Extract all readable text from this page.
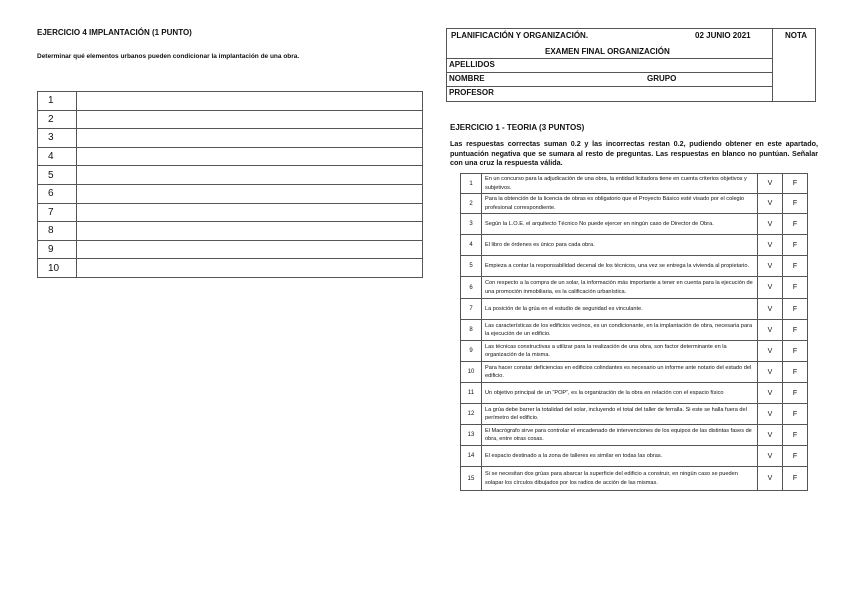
EJERCICIO 4 IMPLANTACIÓN (1 PUNTO)
Determinar qué elementos urbanos pueden condicionar la implantación de una obra.
1	
2	
3	
4	
5	
6	
7	
8	
9	
10	
PLANIFICACIÓN Y ORGANIZACIÓN.	02 JUNIO 2021	NOTA
EXAMEN FINAL ORGANIZACIÓN
APELLIDOS
NOMBRE	GRUPO
PROFESOR
EJERCICIO 1 - TEORIA (3 PUNTOS)
Las respuestas correctas suman 0.2 y las incorrectas restan 0.2, pudiendo obtener en este apartado, puntuación negativa que se sumara al resto de preguntas. Las respuestas en blanco no puntúan. Señalar con una cruz la respuesta válida.
1	En un concurso para la adjudicación de una obra, la entidad licitadora tiene en cuenta criterios objetivos y subjetivos.	V	F
2	Para la obtención de la licencia de obras es obligatorio que el Proyecto Básico esté visado por el colegio profesional correspondiente.	V	F
3	Según la L.O.E. el arquitecto Técnico No puede ejercer en ningún caso de Director de Obra.	V	F
4	El libro de órdenes es único para cada obra.	V	F
5	Empieza a contar la responsabilidad decenal de los técnicos, una vez se entrega la vivienda al propietario.	V	F
6	Con respecto a la compra de un solar, la información más importante a tener en cuenta para la ejecución de una promoción inmobiliaria, es la calificación urbanística.	V	F
7	La posición de la grúa en el estudio de seguridad es vinculante.	V	F
8	Las características de los edificios vecinos, es un condicionante, en la implantación de obra, necesaria para la ejecución de un edificio.	V	F
9	Las técnicas constructivas a utilizar para la realización de una obra, son factor determinante en la organización de la misma.	V	F
10	Para hacer constar deficiencias en edificios colindantes es necesario un informe ante notario del estado del edificio.	V	F
11	Un objetivo principal de un “POP”, es la organización de la obra en relación con el espacio físico	V	F
12	La grúa debe barrer la totalidad del solar, incluyendo el total del taller de ferralla. Si este se halla fuera del perímetro del edificio.	V	F
13	El Macrógrafo sirve para controlar el encadenado de intervenciones de los equipos de las distintas fases de obra, entre otras cosas.	V	F
14	El espacio destinado a la zona de talleres es similar en todas las obras.	V	F
15	Si se necesitan dos grúas para abarcar la superficie del edificio a construir, en ningún caso se pueden solapar los círculos dibujados por los radios de acción de las mismas.	V	F
